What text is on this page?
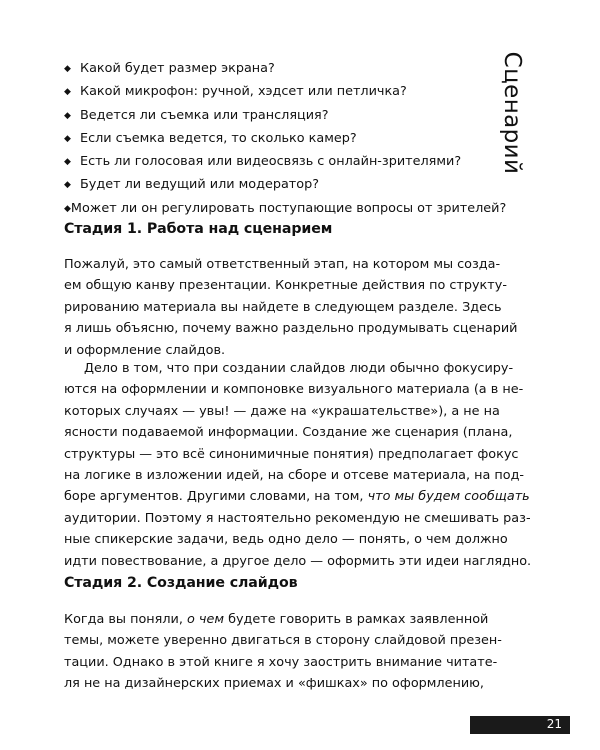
◆ Какой будет размер экрана?
◆ Какой микрофон: ручной, хэдсет или петличка?
◆ Ведется ли съемка или трансляция?
◆ Если съемка ведется, то сколько камер?
◆ Есть ли голосовая или видеосвязь с онлайн-зрителями?
◆ Будет ли ведущий или модератор?
◆ Может ли он регулировать поступающие вопросы от зрителей?
Сценарий
Стадия 1. Работа над сценарием
Пожалуй, это самый ответственный этап, на котором мы созда-
ем общую канву презентации. Конкретные действия по структу-
рированию материала вы найдете в следующем разделе. Здесь
я лишь объясню, почему важно раздельно продумывать сценарий
и оформление слайдов.
Дело в том, что при создании слайдов люди обычно фокусиру-
ются на оформлении и компоновке визуального материала (а в не-
которых случаях — увы! — даже на «украшательстве»), а не на
ясности подаваемой информации. Создание же сценария (плана,
структуры — это всё синонимичные понятия) предполагает фокус
на логике в изложении идей, на сборе и отсеве материала, на под-
боре аргументов. Другими словами, на том, что мы будем сообщать
аудитории. Поэтому я настоятельно рекомендую не смешивать раз-
ные спикерские задачи, ведь одно дело — понять, о чем должно
идти повествование, а другое дело — оформить эти идеи наглядно.
Стадия 2. Создание слайдов
Когда вы поняли, о чем будете говорить в рамках заявленной
темы, можете уверенно двигаться в сторону слайдовой презен-
тации. Однако в этой книге я хочу заострить внимание читате-
ля не на дизайнерских приемах и «фишках» по оформлению,
21
